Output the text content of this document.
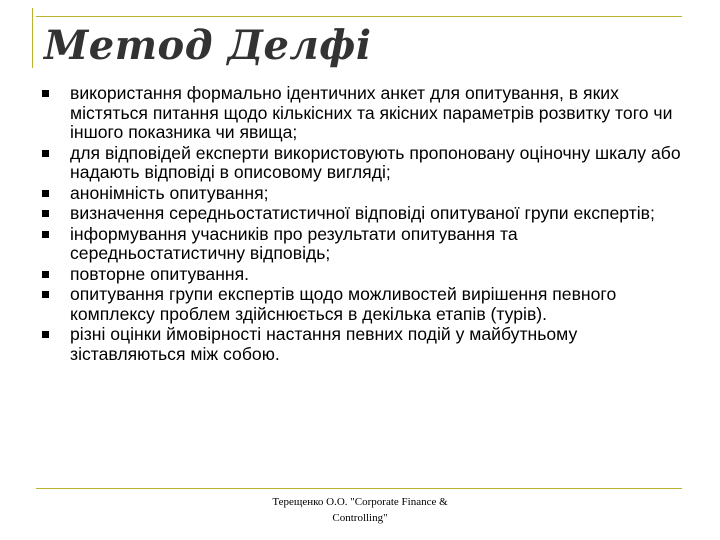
Метод Делфі
використання формально ідентичних анкет для опитування, в яких містяться питання щодо кількісних та якісних параметрів розвитку того чи іншого показника чи явища;
для відповідей експерти використовують пропоновану оціночну шкалу або надають відповіді в описовому вигляді;
анонімність опитування;
визначення середньостатистичної відповіді опитуваної групи експертів;
інформування учасників про результати опитування та середньостатистичну відповідь;
повторне опитування.
опитування групи експертів щодо можливостей вирішення певного комплексу проблем здійснюється в декілька етапів (турів).
різні оцінки ймовірності настання певних подій у майбутньому зіставляються між собою.
Терещенко О.О. "Corporate Finance &
Controlling"
